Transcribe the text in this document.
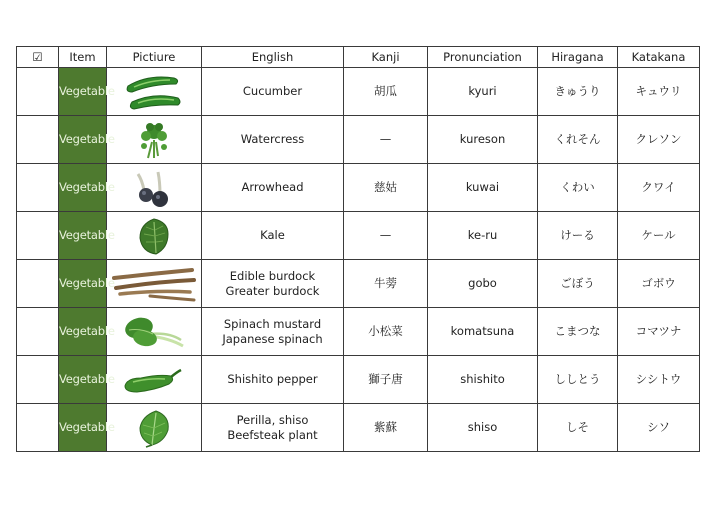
☑	Item	Pictiure	English	Kanji	Pronunciation	Hiragana	Katakana
	Vegetable		Cucumber	胡瓜	kyuri	きゅうり	キュウリ
	Vegetable		Watercress	—	kureson	くれそん	クレソン
	Vegetable		Arrowhead	慈姑	kuwai	くわい	クワイ
	Vegetable		Kale	—	ke-ru	けーる	ケール
	Vegetable		Edible burdock
Greater burdock	牛蒡	gobo	ごぼう	ゴボウ
	Vegetable		Spinach mustard
Japanese spinach	小松菜	komatsuna	こまつな	コマツナ
	Vegetable		Shishito pepper	獅子唐	shishito	ししとう	シシトウ
	Vegetable		Perilla, shiso
Beefsteak plant	紫蘇	shiso	しそ	シソ
